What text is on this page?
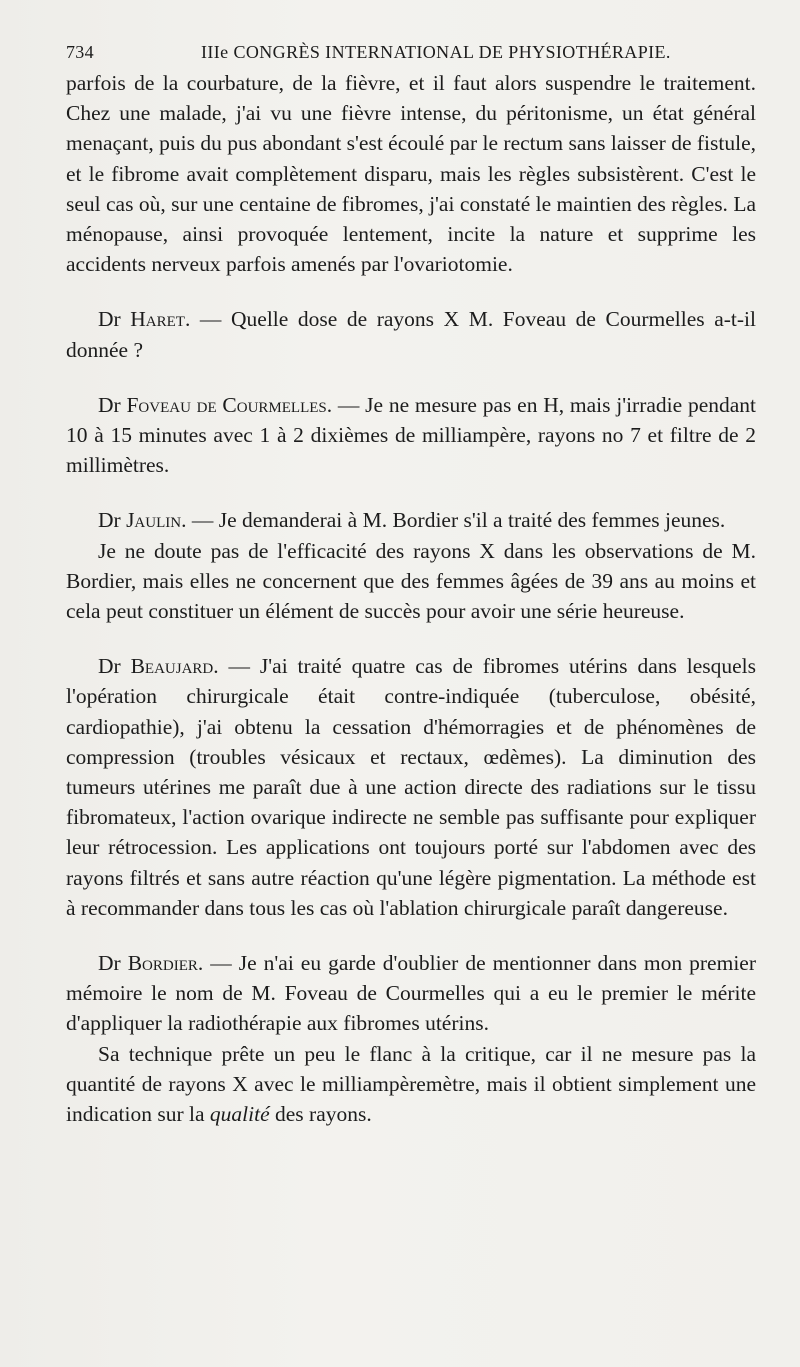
734	IIIe CONGRÈS INTERNATIONAL DE PHYSIOTHÉRAPIE.

parfois de la courbature, de la fièvre, et il faut alors suspendre le traitement. Chez une malade, j'ai vu une fièvre intense, du péritonisme, un état général menaçant, puis du pus abondant s'est écoulé par le rectum sans laisser de fistule, et le fibrome avait complètement disparu, mais les règles subsistèrent. C'est le seul cas où, sur une centaine de fibromes, j'ai constaté le maintien des règles. La ménopause, ainsi provoquée lentement, incite la nature et supprime les accidents nerveux parfois amenés par l'ovariotomie.

Dr Haret. — Quelle dose de rayons X M. Foveau de Courmelles a-t-il donnée ?

Dr Foveau de Courmelles. — Je ne mesure pas en H, mais j'irradie pendant 10 à 15 minutes avec 1 à 2 dixièmes de milliampère, rayons no 7 et filtre de 2 millimètres.

Dr Jaulin. — Je demanderai à M. Bordier s'il a traité des femmes jeunes.

Je ne doute pas de l'efficacité des rayons X dans les observations de M. Bordier, mais elles ne concernent que des femmes âgées de 39 ans au moins et cela peut constituer un élément de succès pour avoir une série heureuse.

Dr Beaujard. — J'ai traité quatre cas de fibromes utérins dans lesquels l'opération chirurgicale était contre-indiquée (tuberculose, obésité, cardiopathie), j'ai obtenu la cessation d'hémorragies et de phénomènes de compression (troubles vésicaux et rectaux, œdèmes). La diminution des tumeurs utérines me paraît due à une action directe des radiations sur le tissu fibromateux, l'action ovarique indirecte ne semble pas suffisante pour expliquer leur rétrocession. Les applications ont toujours porté sur l'abdomen avec des rayons filtrés et sans autre réaction qu'une légère pigmentation. La méthode est à recommander dans tous les cas où l'ablation chirurgicale paraît dangereuse.

Dr Bordier. — Je n'ai eu garde d'oublier de mentionner dans mon premier mémoire le nom de M. Foveau de Courmelles qui a eu le premier le mérite d'appliquer la radiothérapie aux fibromes utérins.

Sa technique prête un peu le flanc à la critique, car il ne mesure pas la quantité de rayons X avec le milliampèremètre, mais il obtient simplement une indication sur la qualité des rayons.
